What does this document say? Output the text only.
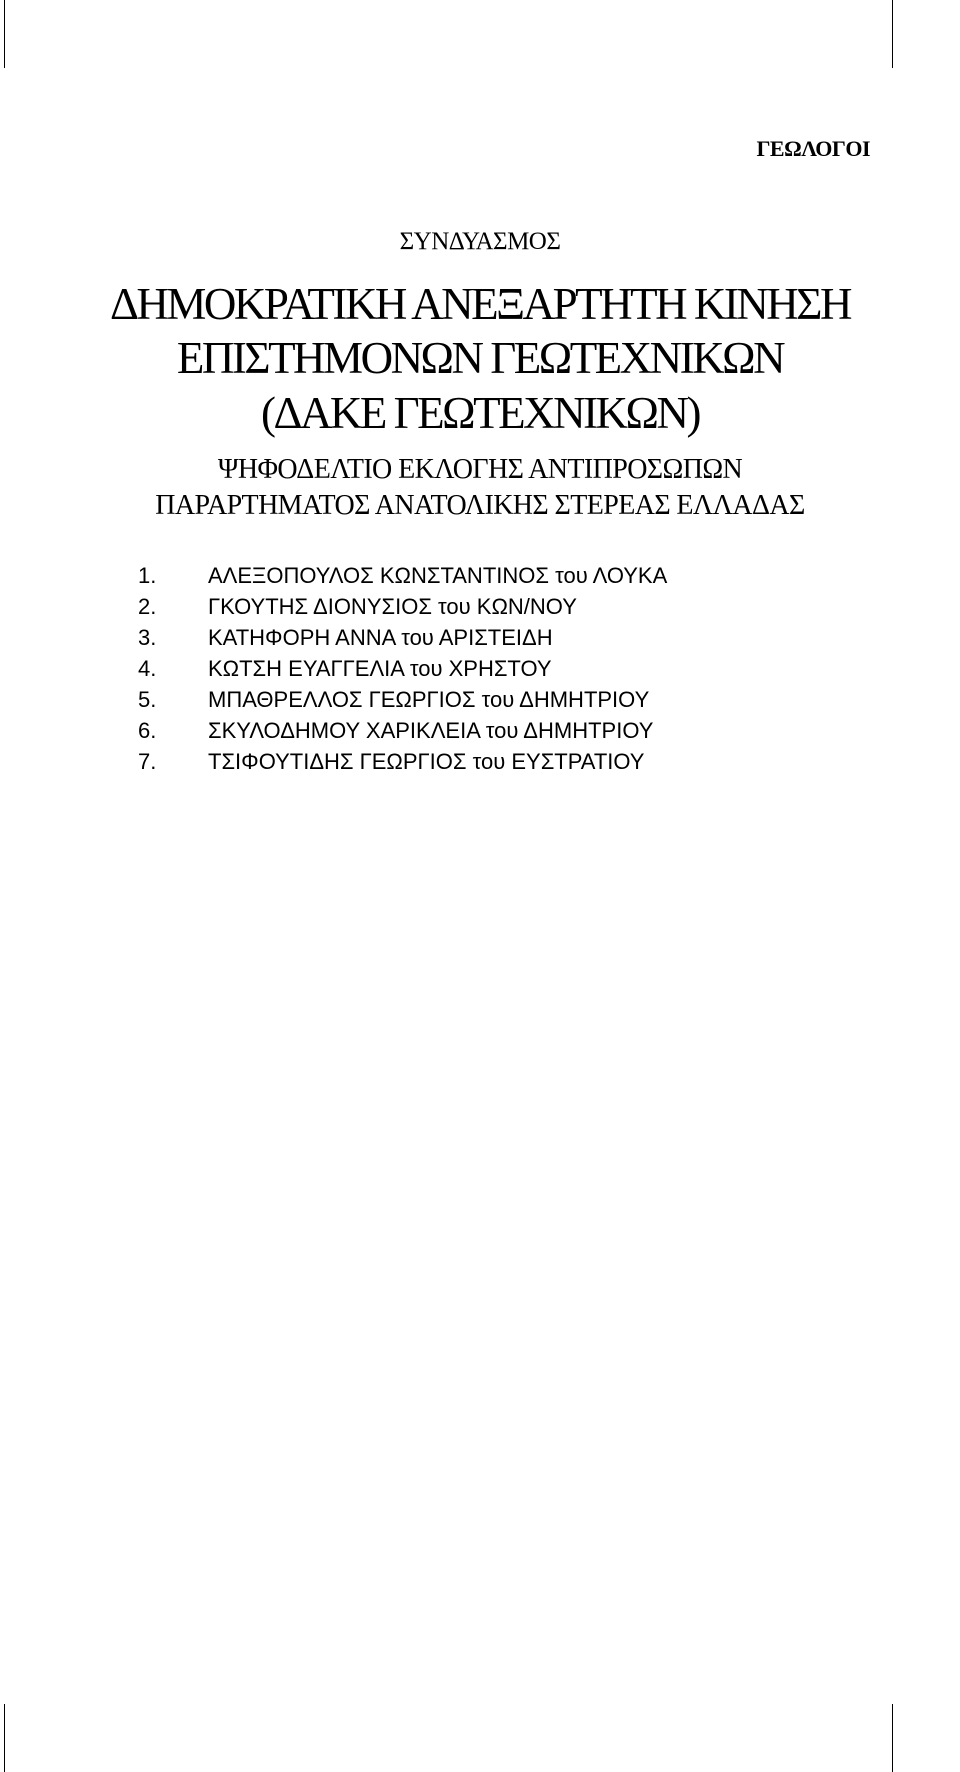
ΓΕΩΛΟΓΟΙ
ΣΥΝΔΥΑΣΜΟΣ
ΔΗΜΟΚΡΑΤΙΚΗ ΑΝΕΞΑΡΤΗΤΗ ΚΙΝΗΣΗ
ΕΠΙΣΤΗΜΟΝΩΝ ΓΕΩΤΕΧΝΙΚΩΝ
(ΔΑΚΕ ΓΕΩΤΕΧΝΙΚΩΝ)
ΨΗΦΟΔΕΛΤΙΟ ΕΚΛΟΓΗΣ ΑΝΤΙΠΡΟΣΩΠΩΝ
ΠΑΡΑΡΤΗΜΑΤΟΣ ΑΝΑΤΟΛΙΚΗΣ ΣΤΕΡΕΑΣ ΕΛΛΑΔΑΣ
1. ΑΛΕΞΟΠΟΥΛΟΣ ΚΩΝΣΤΑΝΤΙΝΟΣ του ΛΟΥΚΑ
2. ΓΚΟΥΤΗΣ ΔΙΟΝΥΣΙΟΣ του ΚΩΝ/ΝΟΥ
3. ΚΑΤΗΦΟΡΗ ΑΝΝΑ του ΑΡΙΣΤΕΙΔΗ
4. ΚΩΤΣΗ ΕΥΑΓΓΕΛΙΑ του ΧΡΗΣΤΟΥ
5. ΜΠΑΘΡΕΛΛΟΣ ΓΕΩΡΓΙΟΣ του ΔΗΜΗΤΡΙΟΥ
6. ΣΚΥΛΟΔΗΜΟΥ ΧΑΡΙΚΛΕΙΑ του ΔΗΜΗΤΡΙΟΥ
7. ΤΣΙΦΟΥΤΙΔΗΣ ΓΕΩΡΓΙΟΣ του ΕΥΣΤΡΑΤΙΟΥ
